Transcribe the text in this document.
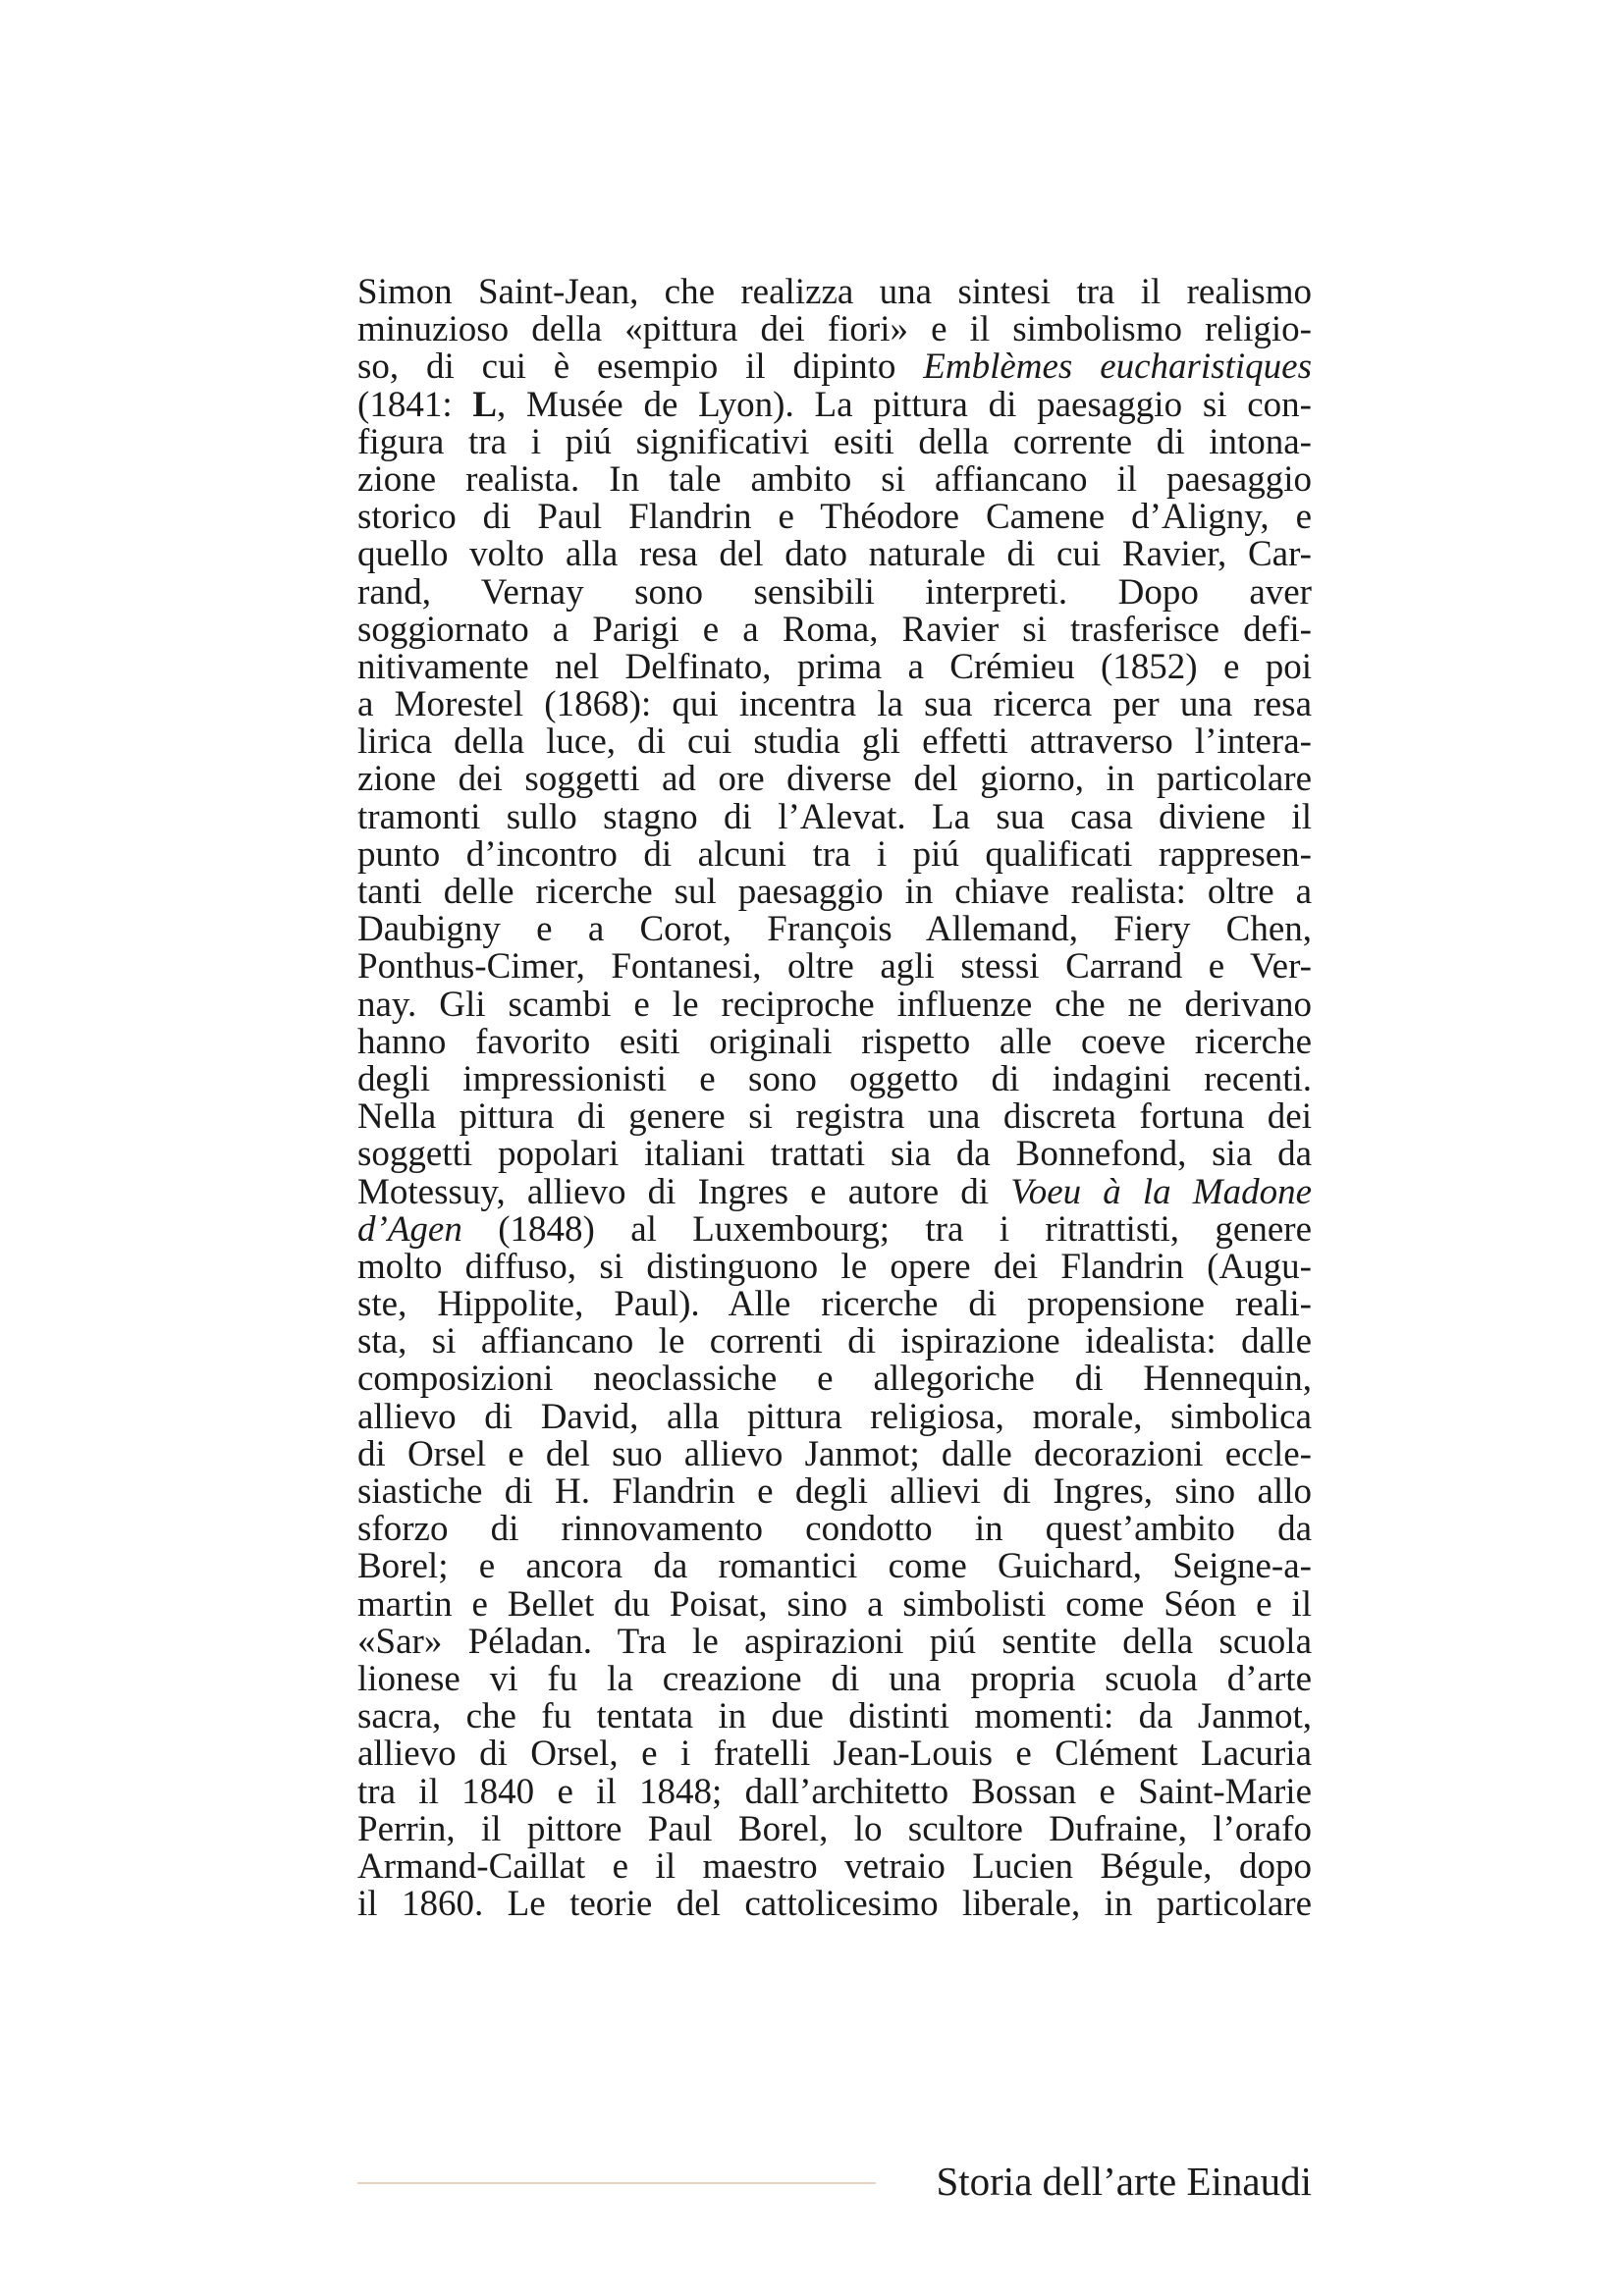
Simon Saint-Jean, che realizza una sintesi tra il realismo
minuzioso della «pittura dei fiori» e il simbolismo religio-
so, di cui è esempio il dipinto Emblèmes eucharistiques
(1841: L, Musée de Lyon). La pittura di paesaggio si con-
figura tra i piú significativi esiti della corrente di intona-
zione realista. In tale ambito si affiancano il paesaggio
storico di Paul Flandrin e Théodore Camene d’Aligny, e
quello volto alla resa del dato naturale di cui Ravier, Car-
rand, Vernay sono sensibili interpreti. Dopo aver
soggiornato a Parigi e a Roma, Ravier si trasferisce defi-
nitivamente nel Delfinato, prima a Crémieu (1852) e poi
a Morestel (1868): qui incentra la sua ricerca per una resa
lirica della luce, di cui studia gli effetti attraverso l’intera-
zione dei soggetti ad ore diverse del giorno, in particolare
tramonti sullo stagno di l’Alevat. La sua casa diviene il
punto d’incontro di alcuni tra i piú qualificati rappresen-
tanti delle ricerche sul paesaggio in chiave realista: oltre a
Daubigny e a Corot, François Allemand, Fiery Chen,
Ponthus-Cimer, Fontanesi, oltre agli stessi Carrand e Ver-
nay. Gli scambi e le reciproche influenze che ne derivano
hanno favorito esiti originali rispetto alle coeve ricerche
degli impressionisti e sono oggetto di indagini recenti.
Nella pittura di genere si registra una discreta fortuna dei
soggetti popolari italiani trattati sia da Bonnefond, sia da
Motessuy, allievo di Ingres e autore di Voeu à la Madone
d’Agen (1848) al Luxembourg; tra i ritrattisti, genere
molto diffuso, si distinguono le opere dei Flandrin (Augu-
ste, Hippolite, Paul). Alle ricerche di propensione reali-
sta, si affiancano le correnti di ispirazione idealista: dalle
composizioni neoclassiche e allegoriche di Hennequin,
allievo di David, alla pittura religiosa, morale, simbolica
di Orsel e del suo allievo Janmot; dalle decorazioni eccle-
siastiche di H. Flandrin e degli allievi di Ingres, sino allo
sforzo di rinnovamento condotto in quest’ambito da
Borel; e ancora da romantici come Guichard, Seigne-a-
martin e Bellet du Poisat, sino a simbolisti come Séon e il
«Sar» Péladan. Tra le aspirazioni piú sentite della scuola
lionese vi fu la creazione di una propria scuola d’arte
sacra, che fu tentata in due distinti momenti: da Janmot,
allievo di Orsel, e i fratelli Jean-Louis e Clément Lacuria
tra il 1840 e il 1848; dall’architetto Bossan e Saint-Marie
Perrin, il pittore Paul Borel, lo scultore Dufraine, l’orafo
Armand-Caillat e il maestro vetraio Lucien Bégule, dopo
il 1860. Le teorie del cattolicesimo liberale, in particolare
Storia dell’arte Einaudi
